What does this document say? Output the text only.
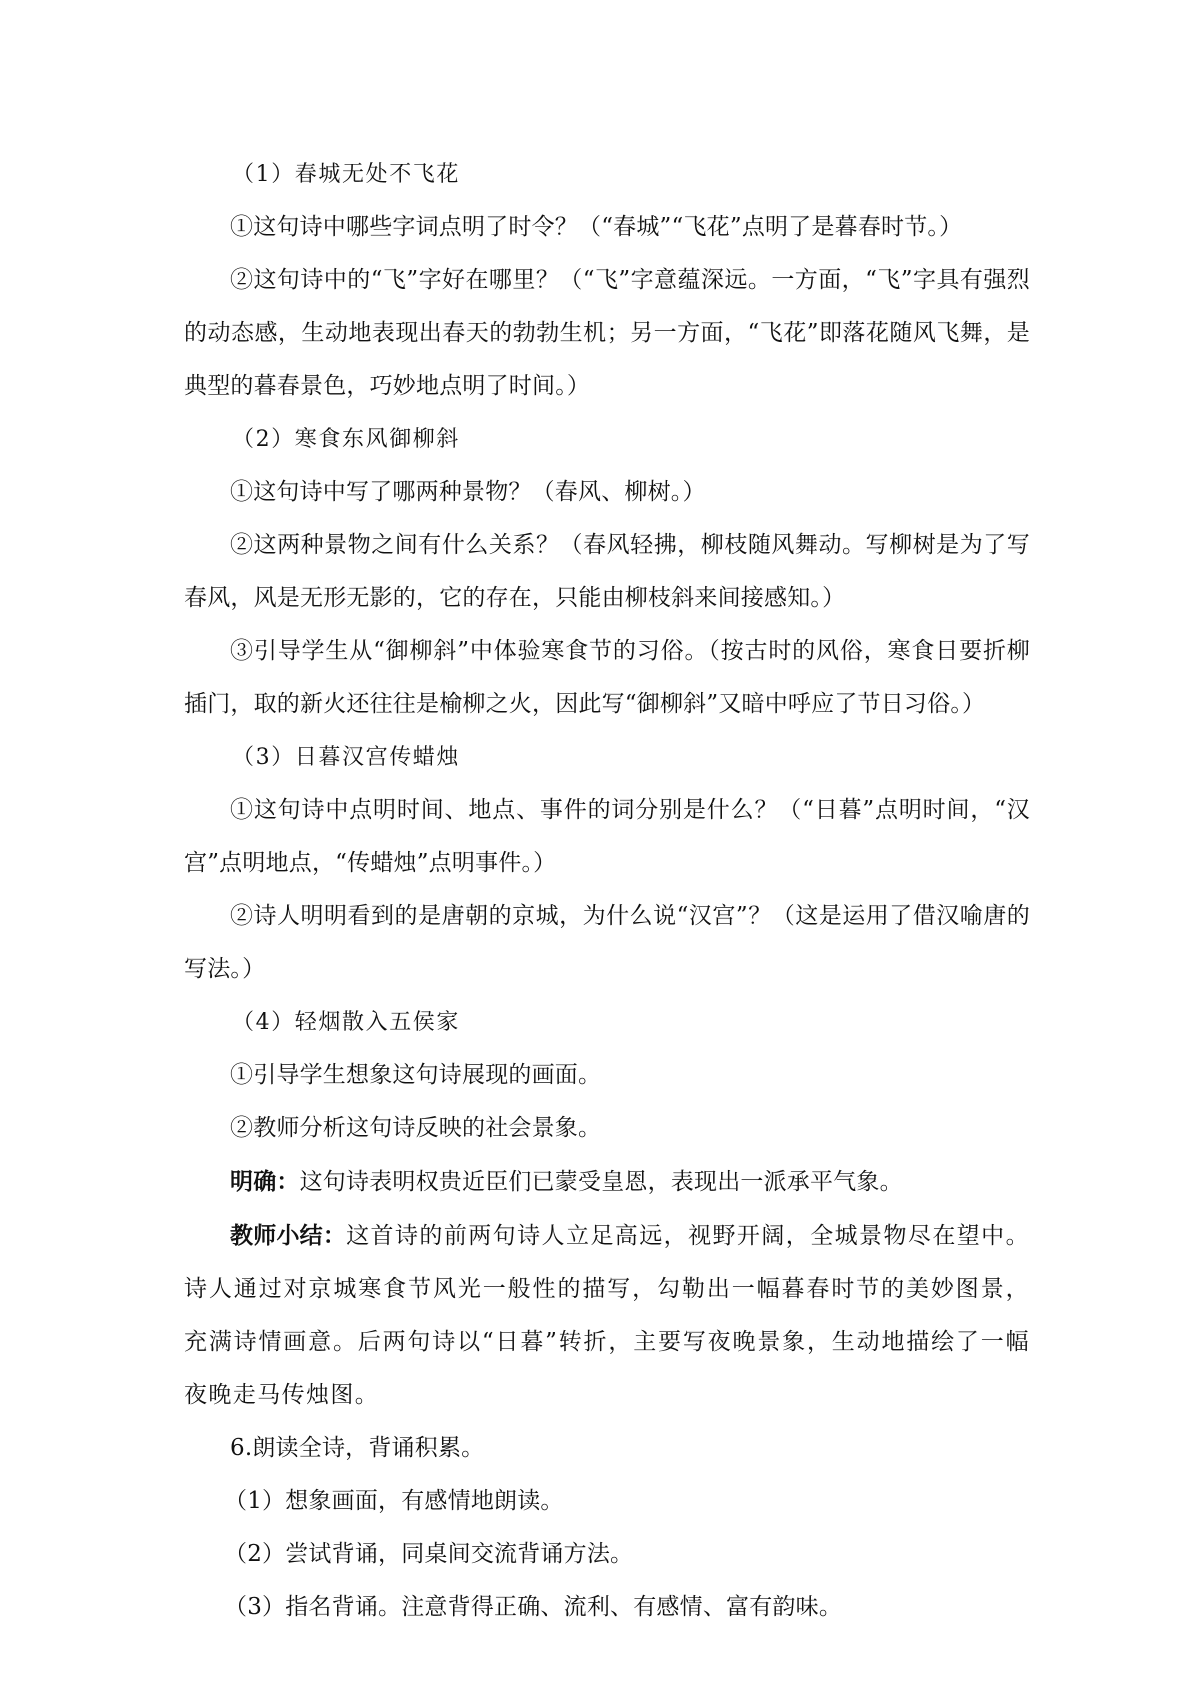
（1）春城无处不飞花
①这句诗中哪些字词点明了时令？（“春城”“飞花”点明了是暮春时节。）
②这句诗中的“飞”字好在哪里？（“飞”字意蕴深远。一方面，“飞”字具有强烈的动态感，生动地表现出春天的勃勃生机；另一方面，“飞花”即落花随风飞舞，是典型的暮春景色，巧妙地点明了时间。）
（2）寒食东风御柳斜
①这句诗中写了哪两种景物？（春风、柳树。）
②这两种景物之间有什么关系？（春风轻拂，柳枝随风舞动。写柳树是为了写春风，风是无形无影的，它的存在，只能由柳枝斜来间接感知。）
③引导学生从“御柳斜”中体验寒食节的习俗。（按古时的风俗，寒食日要折柳插门，取的新火还往往是榆柳之火，因此写“御柳斜”又暗中呼应了节日习俗。）
（3）日暮汉宫传蜡烛
①这句诗中点明时间、地点、事件的词分别是什么？（“日暮”点明时间，“汉宫”点明地点，“传蜡烛”点明事件。）
②诗人明明看到的是唐朝的京城，为什么说“汉宫”？（这是运用了借汉喻唐的写法。）
（4）轻烟散入五侯家
①引导学生想象这句诗展现的画面。
②教师分析这句诗反映的社会景象。
明确：这句诗表明权贵近臣们已蒙受皇恩，表现出一派承平气象。
教师小结：这首诗的前两句诗人立足高远，视野开阔，全城景物尽在望中。诗人通过对京城寒食节风光一般性的描写，勾勒出一幅暮春时节的美妙图景，充满诗情画意。后两句诗以“日暮”转折，主要写夜晚景象，生动地描绘了一幅夜晚走马传烛图。
6.朗读全诗，背诵积累。
（1）想象画面，有感情地朗读。
（2）尝试背诵，同桌间交流背诵方法。
（3）指名背诵。注意背得正确、流利、有感情、富有韵味。
